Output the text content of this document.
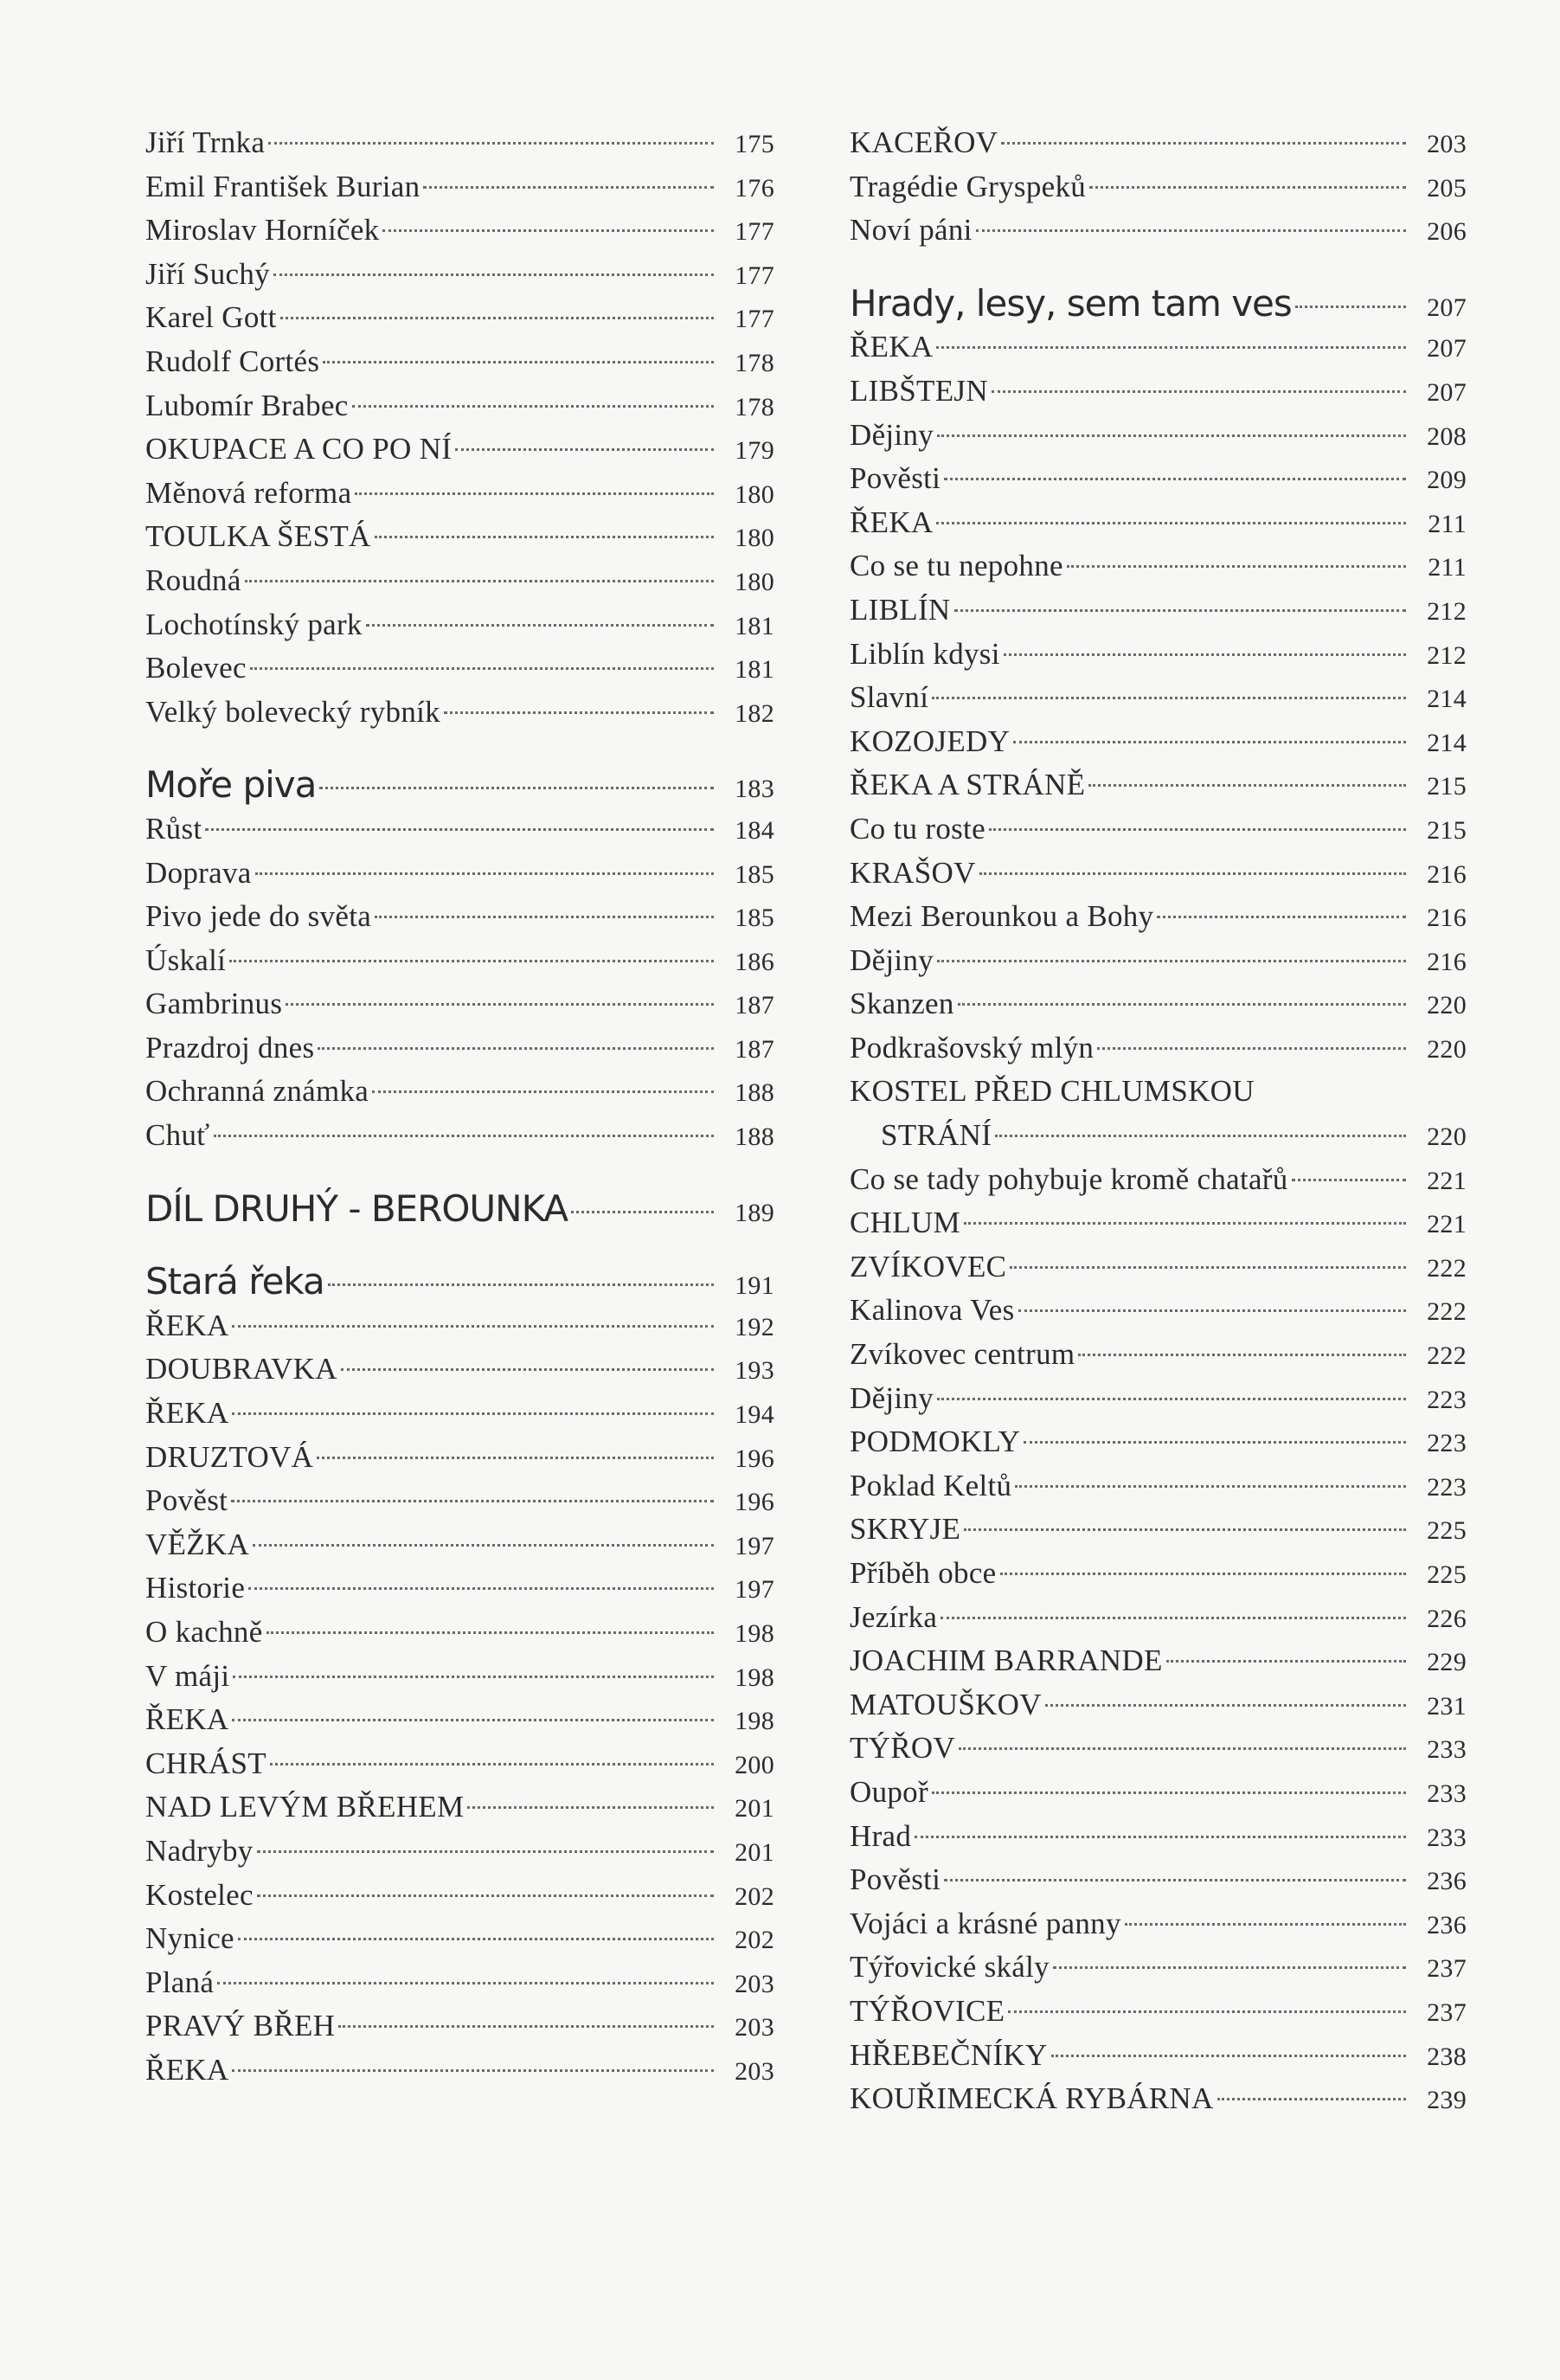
Jiří Trnka	175
Emil František Burian	176
Miroslav Horníček	177
Jiří Suchý	177
Karel Gott	177
Rudolf Cortés	178
Lubomír Brabec	178
OKUPACE A CO PO NÍ	179
Měnová reforma	180
TOULKA ŠESTÁ	180
Roudná	180
Lochotínský park	181
Bolevec	181
Velký bolevecký rybník	182
Moře piva	183
Růst	184
Doprava	185
Pivo jede do světa	185
Úskalí	186
Gambrinus	187
Prazdroj dnes	187
Ochranná známka	188
Chuť	188
DÍL DRUHÝ - BEROUNKA	189
Stará řeka	191
ŘEKA	192
DOUBRAVKA	193
ŘEKA	194
DRUZTOVÁ	196
Pověst	196
VĚŽKA	197
Historie	197
O kachně	198
V máji	198
ŘEKA	198
CHRÁST	200
NAD LEVÝM BŘEHEM	201
Nadryby	201
Kostelec	202
Nynice	202
Planá	203
PRAVÝ BŘEH	203
ŘEKA	203
KACEŘOV	203
Tragédie Gryspeků	205
Noví páni	206
Hrady, lesy, sem tam ves	207
ŘEKA	207
LIBŠTEJN	207
Dějiny	208
Pověsti	209
ŘEKA	211
Co se tu nepohne	211
LIBLÍN	212
Liblín kdysi	212
Slavní	214
KOZOJEDY	214
ŘEKA A STRÁNĚ	215
Co tu roste	215
KRAŠOV	216
Mezi Berounkou a Bohy	216
Dějiny	216
Skanzen	220
Podkrašovský mlýn	220
KOSTEL PŘED CHLUMSKOU
STRÁNÍ	220
Co se tady pohybuje kromě chatařů	221
CHLUM	221
ZVÍKOVEC	222
Kalinova Ves	222
Zvíkovec centrum	222
Dějiny	223
PODMOKLY	223
Poklad Keltů	223
SKRYJE	225
Příběh obce	225
Jezírka	226
JOACHIM BARRANDE	229
MATOUŠKOV	231
TÝŘOV	233
Oupoř	233
Hrad	233
Pověsti	236
Vojáci a krásné panny	236
Týřovické skály	237
TÝŘOVICE	237
HŘEBEČNÍKY	238
KOUŘIMECKÁ RYBÁRNA	239
